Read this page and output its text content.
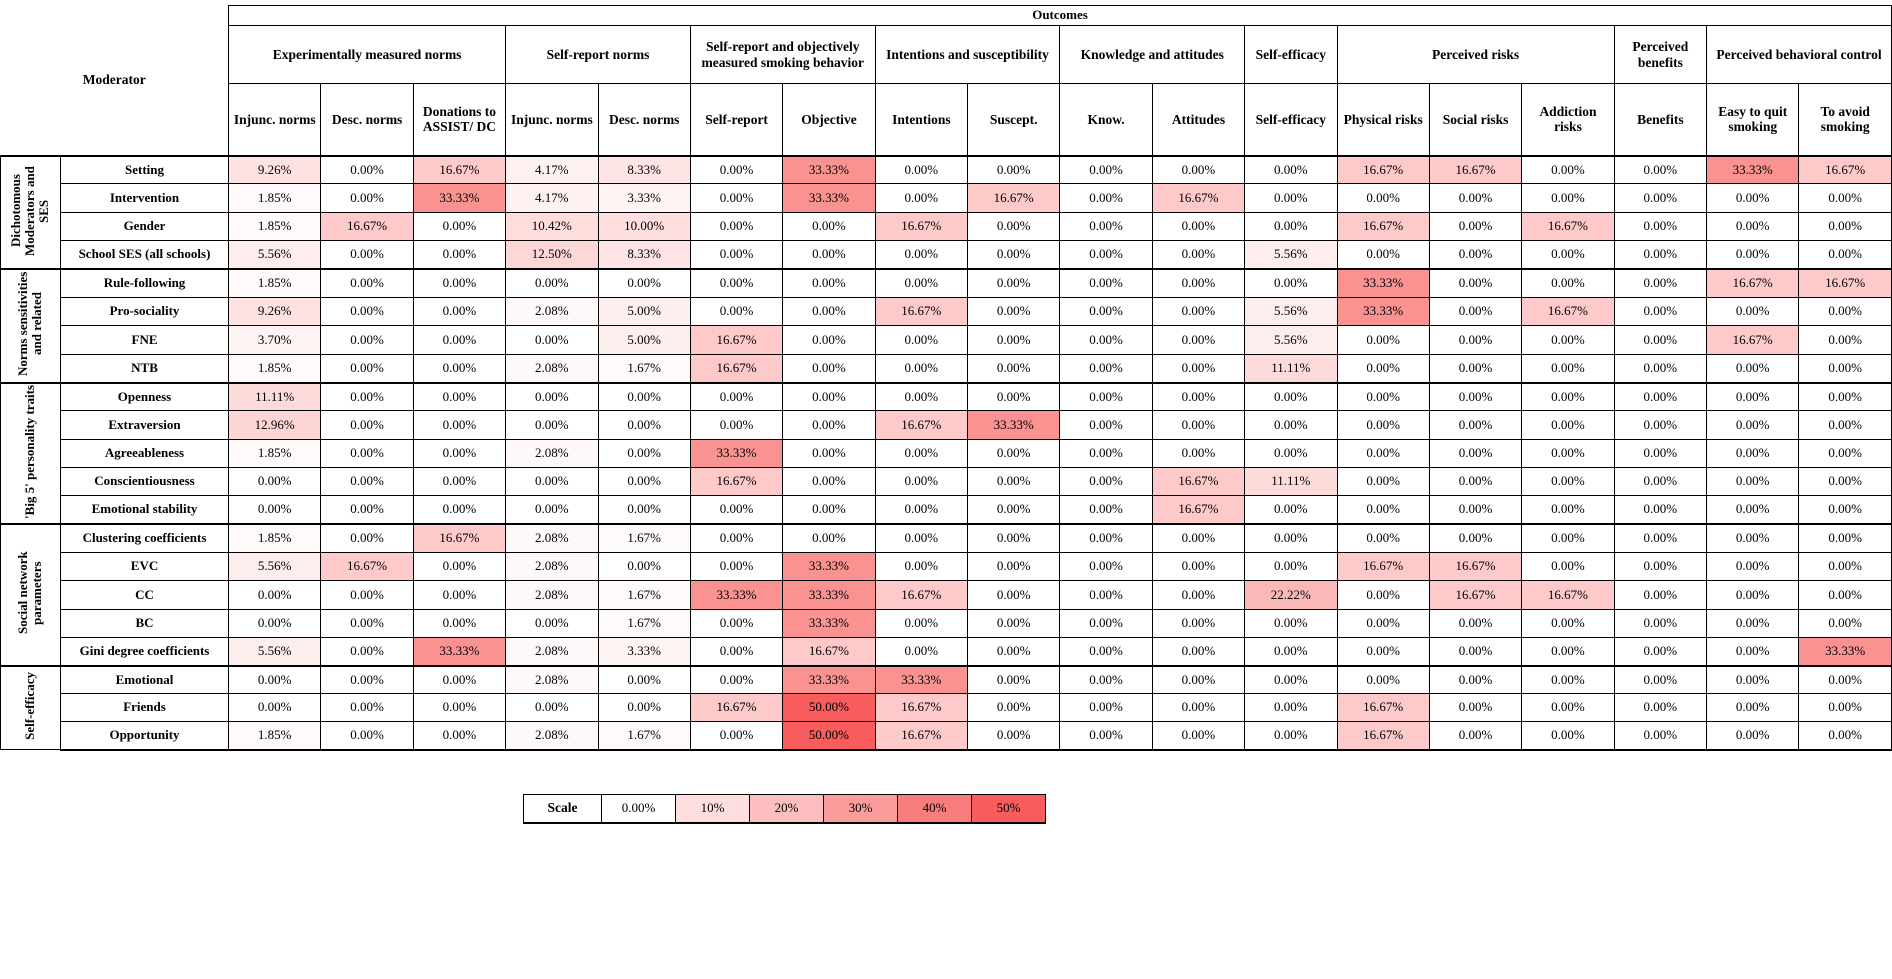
Moderator		Outcomes																	
		Experimentally measured norms			Self-report norms		Self-report and objectively measured smoking behavior		Intentions and susceptibility		Knowledge and attitudes		Self-efficacy	Perceived risks			Perceived benefits	Perceived behavioral control	
		Injunc. norms	Desc. norms	Donations to ASSIST/ DC	Injunc. norms	Desc. norms	Self-report	Objective	Intentions	Suscept.	Know.	Attitudes	Self-efficacy	Physical risks	Social risks	Addiction risks	Benefits	Easy to quit smoking	To avoid smoking
Dichotomous Moderators and SES	Setting	9.26%	0.00%	16.67%	4.17%	8.33%	0.00%	33.33%	0.00%	0.00%	0.00%	0.00%	0.00%	16.67%	16.67%	0.00%	0.00%	33.33%	16.67%
	Intervention	1.85%	0.00%	33.33%	4.17%	3.33%	0.00%	33.33%	0.00%	16.67%	0.00%	16.67%	0.00%	0.00%	0.00%	0.00%	0.00%	0.00%	0.00%
	Gender	1.85%	16.67%	0.00%	10.42%	10.00%	0.00%	0.00%	16.67%	0.00%	0.00%	0.00%	0.00%	16.67%	0.00%	16.67%	0.00%	0.00%	0.00%
	School SES (all schools)	5.56%	0.00%	0.00%	12.50%	8.33%	0.00%	0.00%	0.00%	0.00%	0.00%	0.00%	5.56%	0.00%	0.00%	0.00%	0.00%	0.00%	0.00%
Norms sensitivities and related	Rule-following	1.85%	0.00%	0.00%	0.00%	0.00%	0.00%	0.00%	0.00%	0.00%	0.00%	0.00%	0.00%	33.33%	0.00%	0.00%	0.00%	16.67%	16.67%
	Pro-sociality	9.26%	0.00%	0.00%	2.08%	5.00%	0.00%	0.00%	16.67%	0.00%	0.00%	0.00%	5.56%	33.33%	0.00%	16.67%	0.00%	0.00%	0.00%
	FNE	3.70%	0.00%	0.00%	0.00%	5.00%	16.67%	0.00%	0.00%	0.00%	0.00%	0.00%	5.56%	0.00%	0.00%	0.00%	0.00%	16.67%	0.00%
	NTB	1.85%	0.00%	0.00%	2.08%	1.67%	16.67%	0.00%	0.00%	0.00%	0.00%	0.00%	11.11%	0.00%	0.00%	0.00%	0.00%	0.00%	0.00%
'Big 5' personality traits	Openness	11.11%	0.00%	0.00%	0.00%	0.00%	0.00%	0.00%	0.00%	0.00%	0.00%	0.00%	0.00%	0.00%	0.00%	0.00%	0.00%	0.00%	0.00%
	Extraversion	12.96%	0.00%	0.00%	0.00%	0.00%	0.00%	0.00%	16.67%	33.33%	0.00%	0.00%	0.00%	0.00%	0.00%	0.00%	0.00%	0.00%	0.00%
	Agreeableness	1.85%	0.00%	0.00%	2.08%	0.00%	33.33%	0.00%	0.00%	0.00%	0.00%	0.00%	0.00%	0.00%	0.00%	0.00%	0.00%	0.00%	0.00%
	Conscientiousness	0.00%	0.00%	0.00%	0.00%	0.00%	16.67%	0.00%	0.00%	0.00%	0.00%	16.67%	11.11%	0.00%	0.00%	0.00%	0.00%	0.00%	0.00%
	Emotional stability	0.00%	0.00%	0.00%	0.00%	0.00%	0.00%	0.00%	0.00%	0.00%	0.00%	16.67%	0.00%	0.00%	0.00%	0.00%	0.00%	0.00%	0.00%
Social network parameters	Clustering coefficients	1.85%	0.00%	16.67%	2.08%	1.67%	0.00%	0.00%	0.00%	0.00%	0.00%	0.00%	0.00%	0.00%	0.00%	0.00%	0.00%	0.00%	0.00%
	EVC	5.56%	16.67%	0.00%	2.08%	0.00%	0.00%	33.33%	0.00%	0.00%	0.00%	0.00%	0.00%	16.67%	16.67%	0.00%	0.00%	0.00%	0.00%
	CC	0.00%	0.00%	0.00%	2.08%	1.67%	33.33%	33.33%	16.67%	0.00%	0.00%	0.00%	22.22%	0.00%	16.67%	16.67%	0.00%	0.00%	0.00%
	BC	0.00%	0.00%	0.00%	0.00%	1.67%	0.00%	33.33%	0.00%	0.00%	0.00%	0.00%	0.00%	0.00%	0.00%	0.00%	0.00%	0.00%	0.00%
	Gini degree coefficients	5.56%	0.00%	33.33%	2.08%	3.33%	0.00%	16.67%	0.00%	0.00%	0.00%	0.00%	0.00%	0.00%	0.00%	0.00%	0.00%	0.00%	33.33%
Self-efficacy	Emotional	0.00%	0.00%	0.00%	2.08%	0.00%	0.00%	33.33%	33.33%	0.00%	0.00%	0.00%	0.00%	0.00%	0.00%	0.00%	0.00%	0.00%	0.00%
	Friends	0.00%	0.00%	0.00%	0.00%	0.00%	16.67%	50.00%	16.67%	0.00%	0.00%	0.00%	0.00%	16.67%	0.00%	0.00%	0.00%	0.00%	0.00%
	Opportunity	1.85%	0.00%	0.00%	2.08%	1.67%	0.00%	50.00%	16.67%	0.00%	0.00%	0.00%	0.00%	16.67%	0.00%	0.00%	0.00%	0.00%	0.00%
Scale	0.00%	10%	20%	30%	40%	50%
